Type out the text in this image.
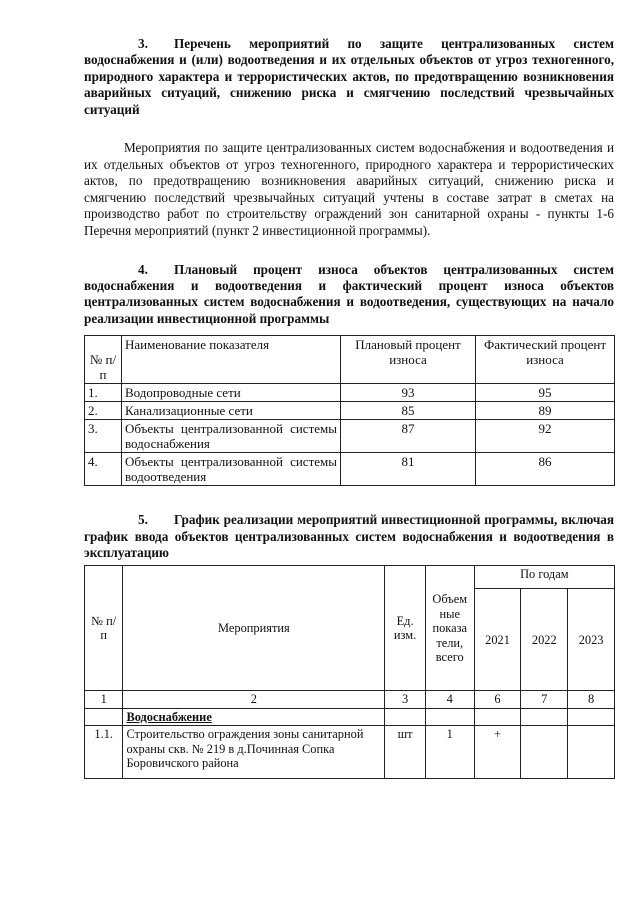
3. Перечень мероприятий по защите централизованных систем водоснабжения и (или) водоотведения и их отдельных объектов от угроз техногенного, природного характера и террористических актов, по предотвращению возникновения аварийных ситуаций, снижению риска и смягчению последствий чрезвычайных ситуаций

Мероприятия по защите централизованных систем водоснабжения и водоотведения и их отдельных объектов от угроз техногенного, природного характера и террористических актов, по предотвращению возникновения аварийных ситуаций, снижению риска и смягчению последствий чрезвычайных ситуаций учтены в составе затрат в сметах на производство работ по строительству ограждений зон санитарной охраны - пункты 1-6 Перечня мероприятий (пункт 2 инвестиционной программы).

4. Плановый процент износа объектов централизованных систем водоснабжения и водоотведения и фактический процент износа объектов централизованных систем водоснабжения и водоотведения, существующих на начало реализации инвестиционной программы

№ п/п	Наименование показателя	Плановый процент износа	Фактический процент износа
1.	Водопроводные сети	93	95
2.	Канализационные сети	85	89
3.	Объекты централизованной системы водоснабжения	87	92
4.	Объекты централизованной системы водоотведения	81	86

5. График реализации мероприятий инвестиционной программы, включая график ввода объектов централизованных систем водоснабжения и водоотведения в эксплуатацию

№ п/п	Мероприятия	Ед. изм.	Объем ные показа тели, всего	По годам		
				2021	2022	2023
1	2	3	4	6	7	8
	Водоснабжение					
1.1.	Строительство ограждения зоны санитарной охраны скв. № 219 в д.Починная Сопка Боровичского района	шт	1	+		
